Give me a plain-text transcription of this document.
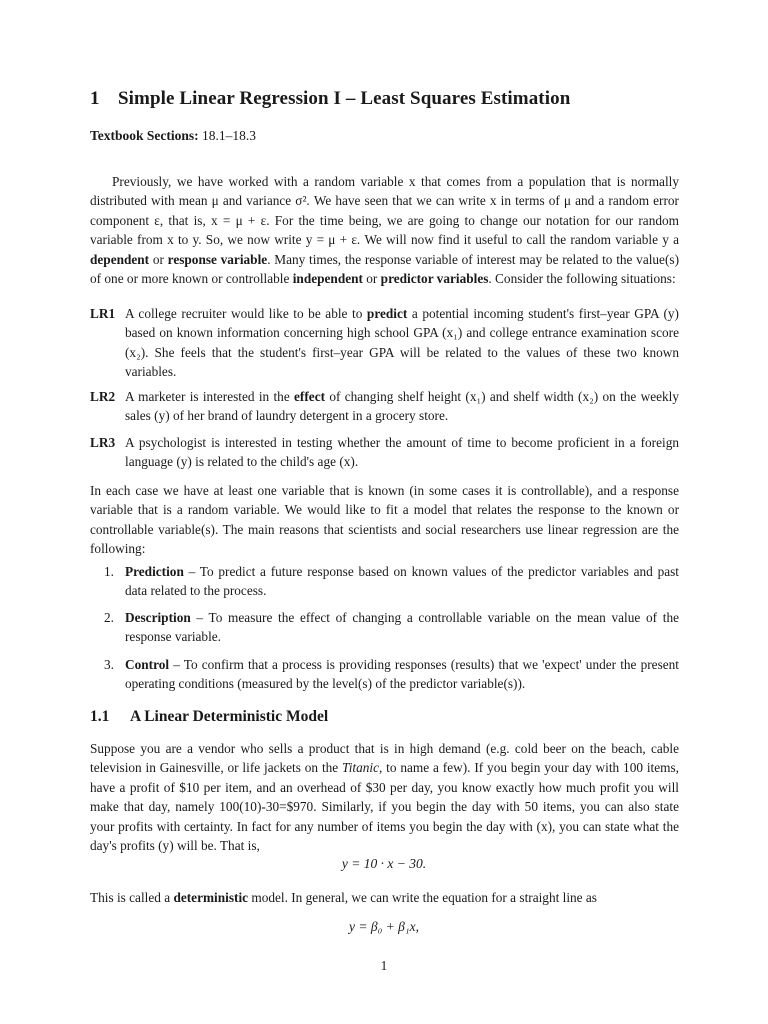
1 Simple Linear Regression I – Least Squares Estimation
Textbook Sections: 18.1–18.3
Previously, we have worked with a random variable x that comes from a population that is normally distributed with mean μ and variance σ². We have seen that we can write x in terms of μ and a random error component ε, that is, x = μ + ε. For the time being, we are going to change our notation for our random variable from x to y. So, we now write y = μ + ε. We will now find it useful to call the random variable y a dependent or response variable. Many times, the response variable of interest may be related to the value(s) of one or more known or controllable independent or predictor variables. Consider the following situations:
LR1 A college recruiter would like to be able to predict a potential incoming student's first–year GPA (y) based on known information concerning high school GPA (x₁) and college entrance examination score (x₂). She feels that the student's first–year GPA will be related to the values of these two known variables.
LR2 A marketer is interested in the effect of changing shelf height (x₁) and shelf width (x₂) on the weekly sales (y) of her brand of laundry detergent in a grocery store.
LR3 A psychologist is interested in testing whether the amount of time to become proficient in a foreign language (y) is related to the child's age (x).
In each case we have at least one variable that is known (in some cases it is controllable), and a response variable that is a random variable. We would like to fit a model that relates the response to the known or controllable variable(s). The main reasons that scientists and social researchers use linear regression are the following:
1. Prediction – To predict a future response based on known values of the predictor variables and past data related to the process.
2. Description – To measure the effect of changing a controllable variable on the mean value of the response variable.
3. Control – To confirm that a process is providing responses (results) that we 'expect' under the present operating conditions (measured by the level(s) of the predictor variable(s)).
1.1 A Linear Deterministic Model
Suppose you are a vendor who sells a product that is in high demand (e.g. cold beer on the beach, cable television in Gainesville, or life jackets on the Titanic, to name a few). If you begin your day with 100 items, have a profit of $10 per item, and an overhead of $30 per day, you know exactly how much profit you will make that day, namely 100(10)-30=$970. Similarly, if you begin the day with 50 items, you can also state your profits with certainty. In fact for any number of items you begin the day with (x), you can state what the day's profits (y) will be. That is,
y = 10 · x − 30.
This is called a deterministic model. In general, we can write the equation for a straight line as
y = β₀ + β₁x,
1
